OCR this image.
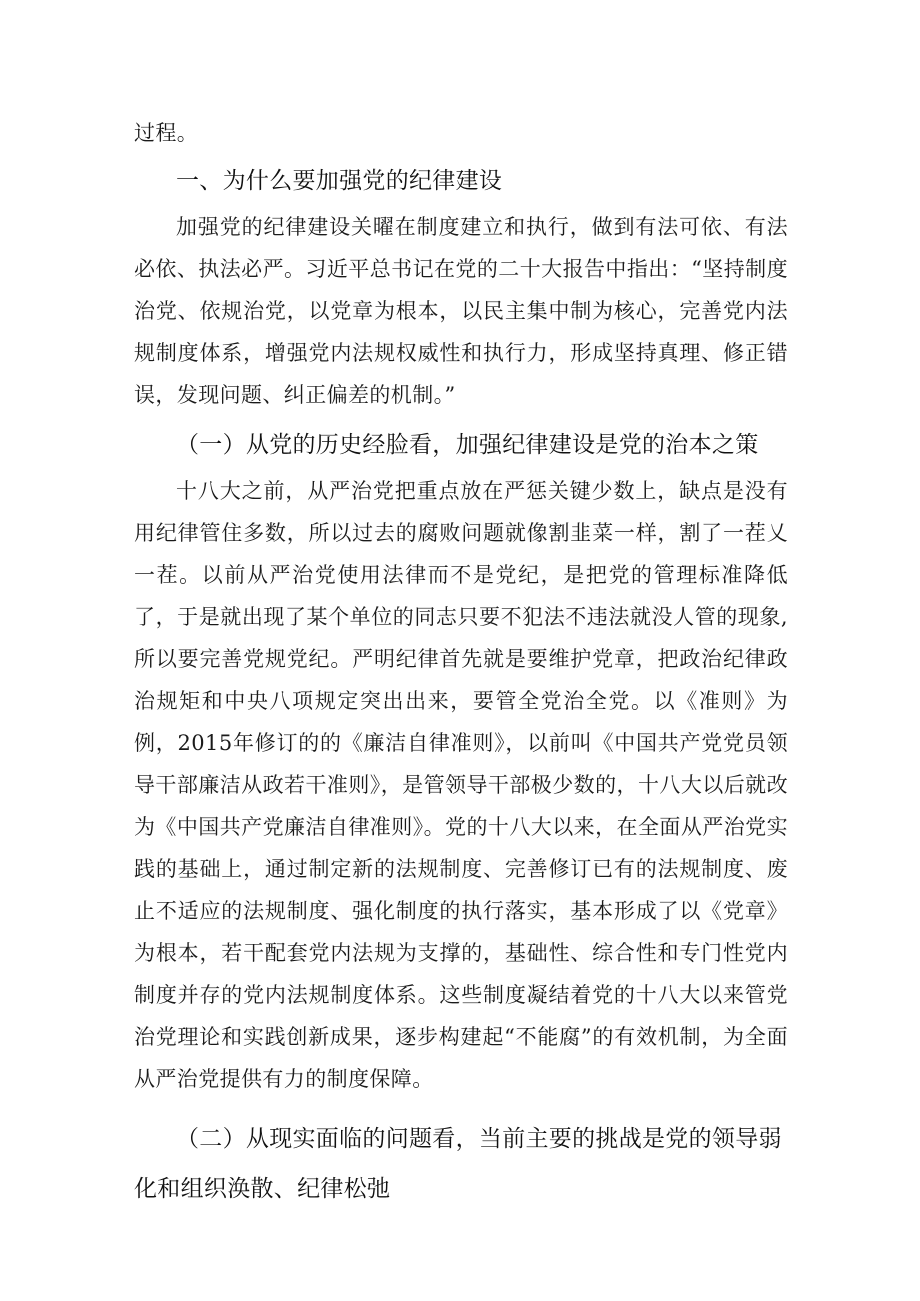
过程。

一、为什么要加强党的纪律建设

加强党的纪律建设关曜在制度建立和执行，做到有法可依、有法必依、执法必严。习近平总书记在党的二十大报告中指出：“坚持制度治党、依规治党，以党章为根本，以民主集中制为核心，完善党内法规制度体系，增强党内法规权威性和执行力，形成坚持真理、修正错误，发现问题、纠正偏差的机制。”

（一）从党的历史经脸看，加强纪律建设是党的治本之策

十八大之前，从严治党把重点放在严惩关键少数上，缺点是没有用纪律管住多数，所以过去的腐败问题就像割韭菜一样，割了一茬乂一茬。以前从严治党使用法律而不是党纪，是把党的管理标准降低了，于是就出现了某个单位的同志只要不犯法不违法就没人管的现象,所以要完善党规党纪。严明纪律首先就是要维护党章，把政治纪律政治规矩和中央八项规定突出出来，要管全党治全党。以《准则》为例，2015年修订的的《廉洁自律准则》，以前叫《中国共产党党员领导干部廉洁从政若干准则》，是管领导干部极少数的，十八大以后就改为《中国共产党廉洁自律准则》。党的十八大以来，在全面从严治党实践的基础上，通过制定新的法规制度、完善修订已有的法规制度、废止不适应的法规制度、强化制度的执行落实，基本形成了以《党章》为根本，若干配套党内法规为支撑的，基础性、综合性和专门性党内制度并存的党内法规制度体系。这些制度凝结着党的十八大以来管党治党理论和实践创新成果，逐步构建起“不能腐”的有效机制，为全面从严治党提供有力的制度保障。

（二）从现实面临的问题看，当前主要的挑战是党的领导弱化和组织涣散、纪律松弛
